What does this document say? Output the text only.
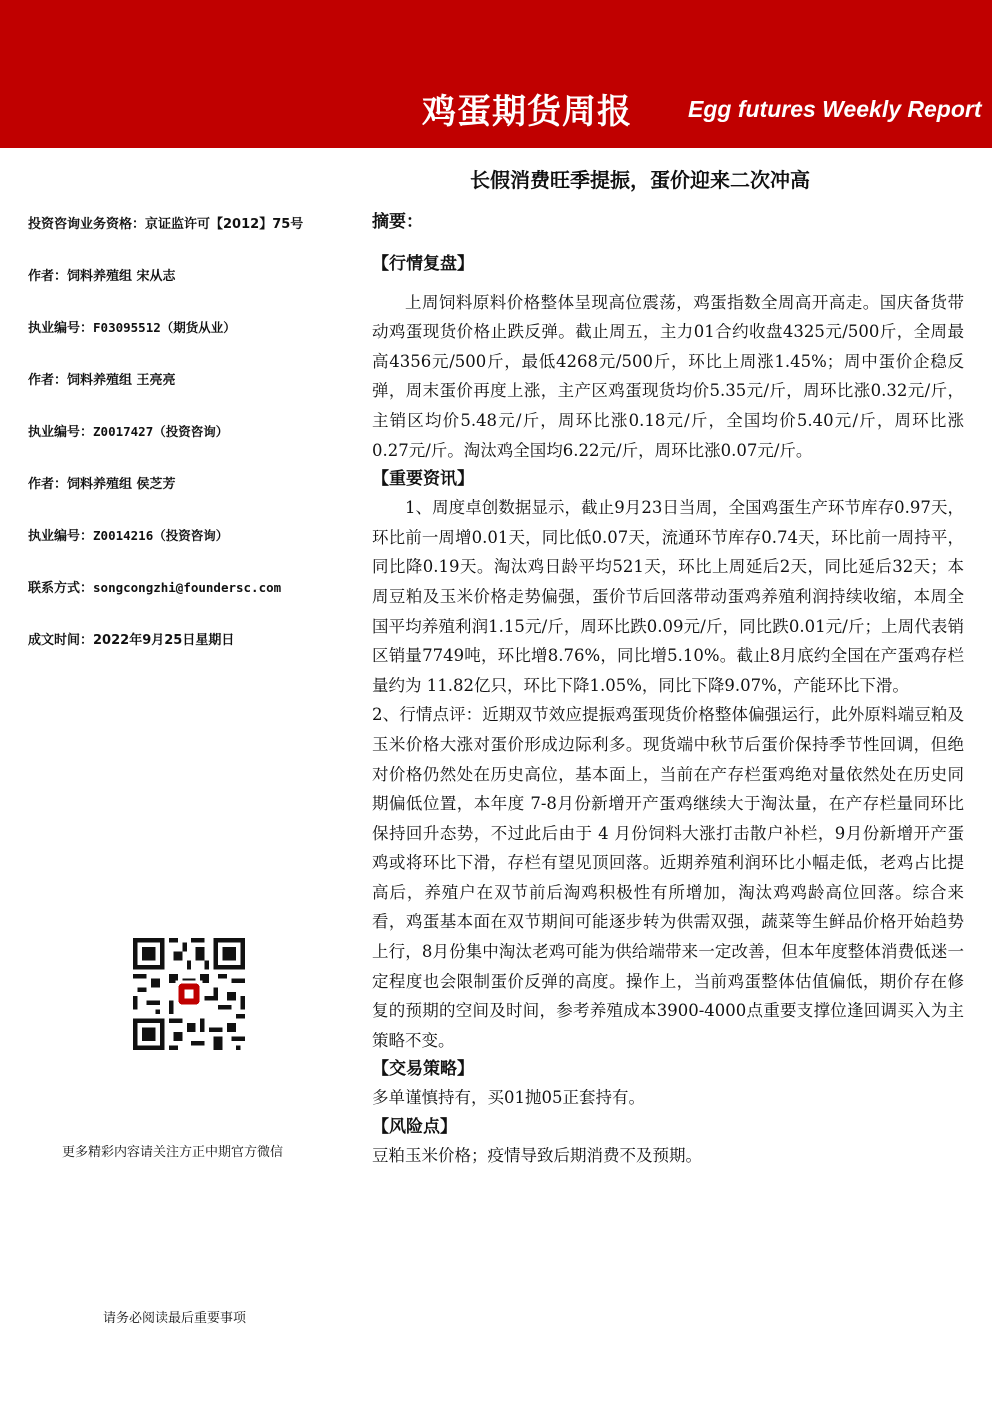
鸡蛋期货周报 Egg futures Weekly Report
长假消费旺季提振，蛋价迎来二次冲高
投资咨询业务资格：京证监许可【2012】75号
作者：饲料养殖组 宋从志
执业编号：F03095512（期货从业）
作者：饲料养殖组 王亮亮
执业编号：Z0017427（投资咨询）
作者：饲料养殖组 侯芝芳
执业编号：Z0014216（投资咨询）
联系方式：songcongzhi@foundersc.com
成文时间：2022年9月25日星期日
更多精彩内容请关注方正中期官方微信
请务必阅读最后重要事项
摘要：
【行情复盘】

上周饲料原料价格整体呈现高位震荡，鸡蛋指数全周高开高走。国庆备货带动鸡蛋现货价格止跌反弹。截止周五，主力01合约收盘4325元/500斤，全周最高4356元/500斤，最低4268元/500斤，环比上周涨1.45%；周中蛋价企稳反弹，周末蛋价再度上涨，主产区鸡蛋现货均价5.35元/斤，周环比涨0.32元/斤，主销区均价5.48元/斤，周环比涨0.18元/斤，全国均价5.40元/斤，周环比涨0.27元/斤。淘汰鸡全国均6.22元/斤，周环比涨0.07元/斤。

【重要资讯】

1、周度卓创数据显示，截止9月23日当周，全国鸡蛋生产环节库存0.97天，环比前一周增0.01天，同比低0.07天，流通环节库存0.74天，环比前一周持平，同比降0.19天。淘汰鸡日龄平均521天，环比上周延后2天，同比延后32天；本周豆粕及玉米价格走势偏强，蛋价节后回落带动蛋鸡养殖利润持续收缩，本周全国平均养殖利润1.15元/斤，周环比跌0.09元/斤，同比跌0.01元/斤；上周代表销区销量7749吨，环比增8.76%，同比增5.10%。截止8月底约全国在产蛋鸡存栏量约为 11.82亿只，环比下降1.05%，同比下降9.07%，产能环比下滑。

2、行情点评：近期双节效应提振鸡蛋现货价格整体偏强运行，此外原料端豆粕及玉米价格大涨对蛋价形成边际利多。现货端中秋节后蛋价保持季节性回调，但绝对价格仍然处在历史高位，基本面上，当前在产存栏蛋鸡绝对量依然处在历史同期偏低位置，本年度 7-8月份新增开产蛋鸡继续大于淘汰量，在产存栏量同环比保持回升态势，不过此后由于 4 月份饲料大涨打击散户补栏，9月份新增开产蛋鸡或将环比下滑，存栏有望见顶回落。近期养殖利润环比小幅走低，老鸡占比提高后，养殖户在双节前后淘鸡积极性有所增加，淘汰鸡鸡龄高位回落。综合来看，鸡蛋基本面在双节期间可能逐步转为供需双强，蔬菜等生鲜品价格开始趋势上行，8月份集中淘汰老鸡可能为供给端带来一定改善，但本年度整体消费低迷一定程度也会限制蛋价反弹的高度。操作上，当前鸡蛋整体估值偏低，期价存在修复的预期的空间及时间，参考养殖成本3900-4000点重要支撑位逢回调买入为主策略不变。

【交易策略】

多单谨慎持有，买01抛05正套持有。

【风险点】

豆粕玉米价格；疫情导致后期消费不及预期。
